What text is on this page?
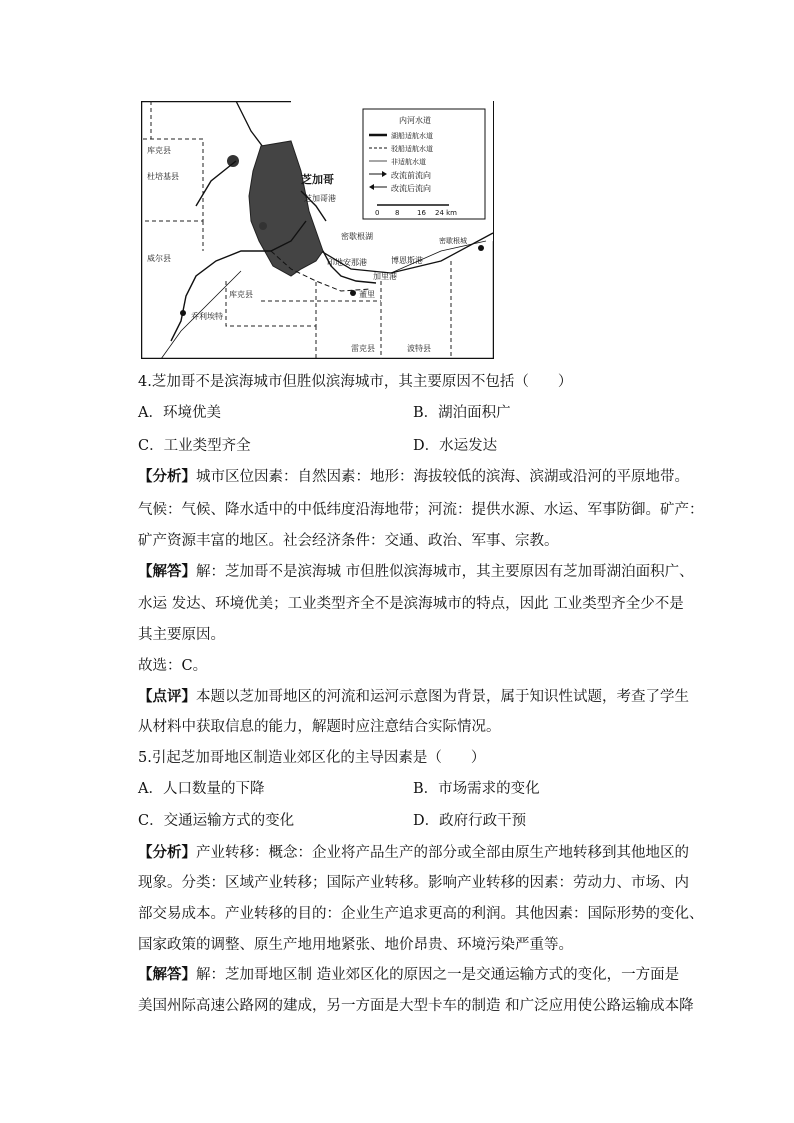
内河水道
湖船适航水道
驳船适航水道
非适航水道
改流前流向
改流后流向
0 8	16 24 km
芝加哥
芝加哥港
库克县
杜培基县
威尔县
库克县
乔利埃特
密歇根湖	密歇根城
印地安那港
加里港
博恩斯港
董里
雷克县	波特县
4.芝加哥不是滨海城市但胜似滨海城市，其主要原因不包括（　　）
A．环境优美	B．湖泊面积广
C．工业类型齐全	D．水运发达
【分析】城市区位因素：自然因素：地形：海拔较低的滨海、滨湖或沿河的平原地带。
气候：气候、降水适中的中低纬度沿海地带；河流：提供水源、水运、军事防御。矿产：
矿产资源丰富的地区。社会经济条件：交通、政治、军事、宗教。
【解答】解：芝加哥不是滨海城 市但胜似滨海城市，其主要原因有芝加哥湖泊面积广、
水运 发达、环境优美；工业类型齐全不是滨海城市的特点，因此 工业类型齐全少不是
其主要原因。
故选：C。
【点评】本题以芝加哥地区的河流和运河示意图为背景，属于知识性试题，考查了学生
从材料中获取信息的能力，解题时应注意结合实际情况。
5.引起芝加哥地区制造业郊区化的主导因素是（　　）
A．人口数量的下降	B．市场需求的变化
C．交通运输方式的变化	D．政府行政干预
【分析】产业转移：概念：企业将产品生产的部分或全部由原生产地转移到其他地区的
现象。分类：区域产业转移；国际产业转移。影响产业转移的因素：劳动力、市场、内
部交易成本。产业转移的目的：企业生产追求更高的利润。其他因素：国际形势的变化、
国家政策的调整、原生产地用地紧张、地价昂贵、环境污染严重等。
【解答】解：芝加哥地区制 造业郊区化的原因之一是交通运输方式的变化，一方面是
美国州际高速公路网的建成，另一方面是大型卡车的制造 和广泛应用使公路运输成本降
